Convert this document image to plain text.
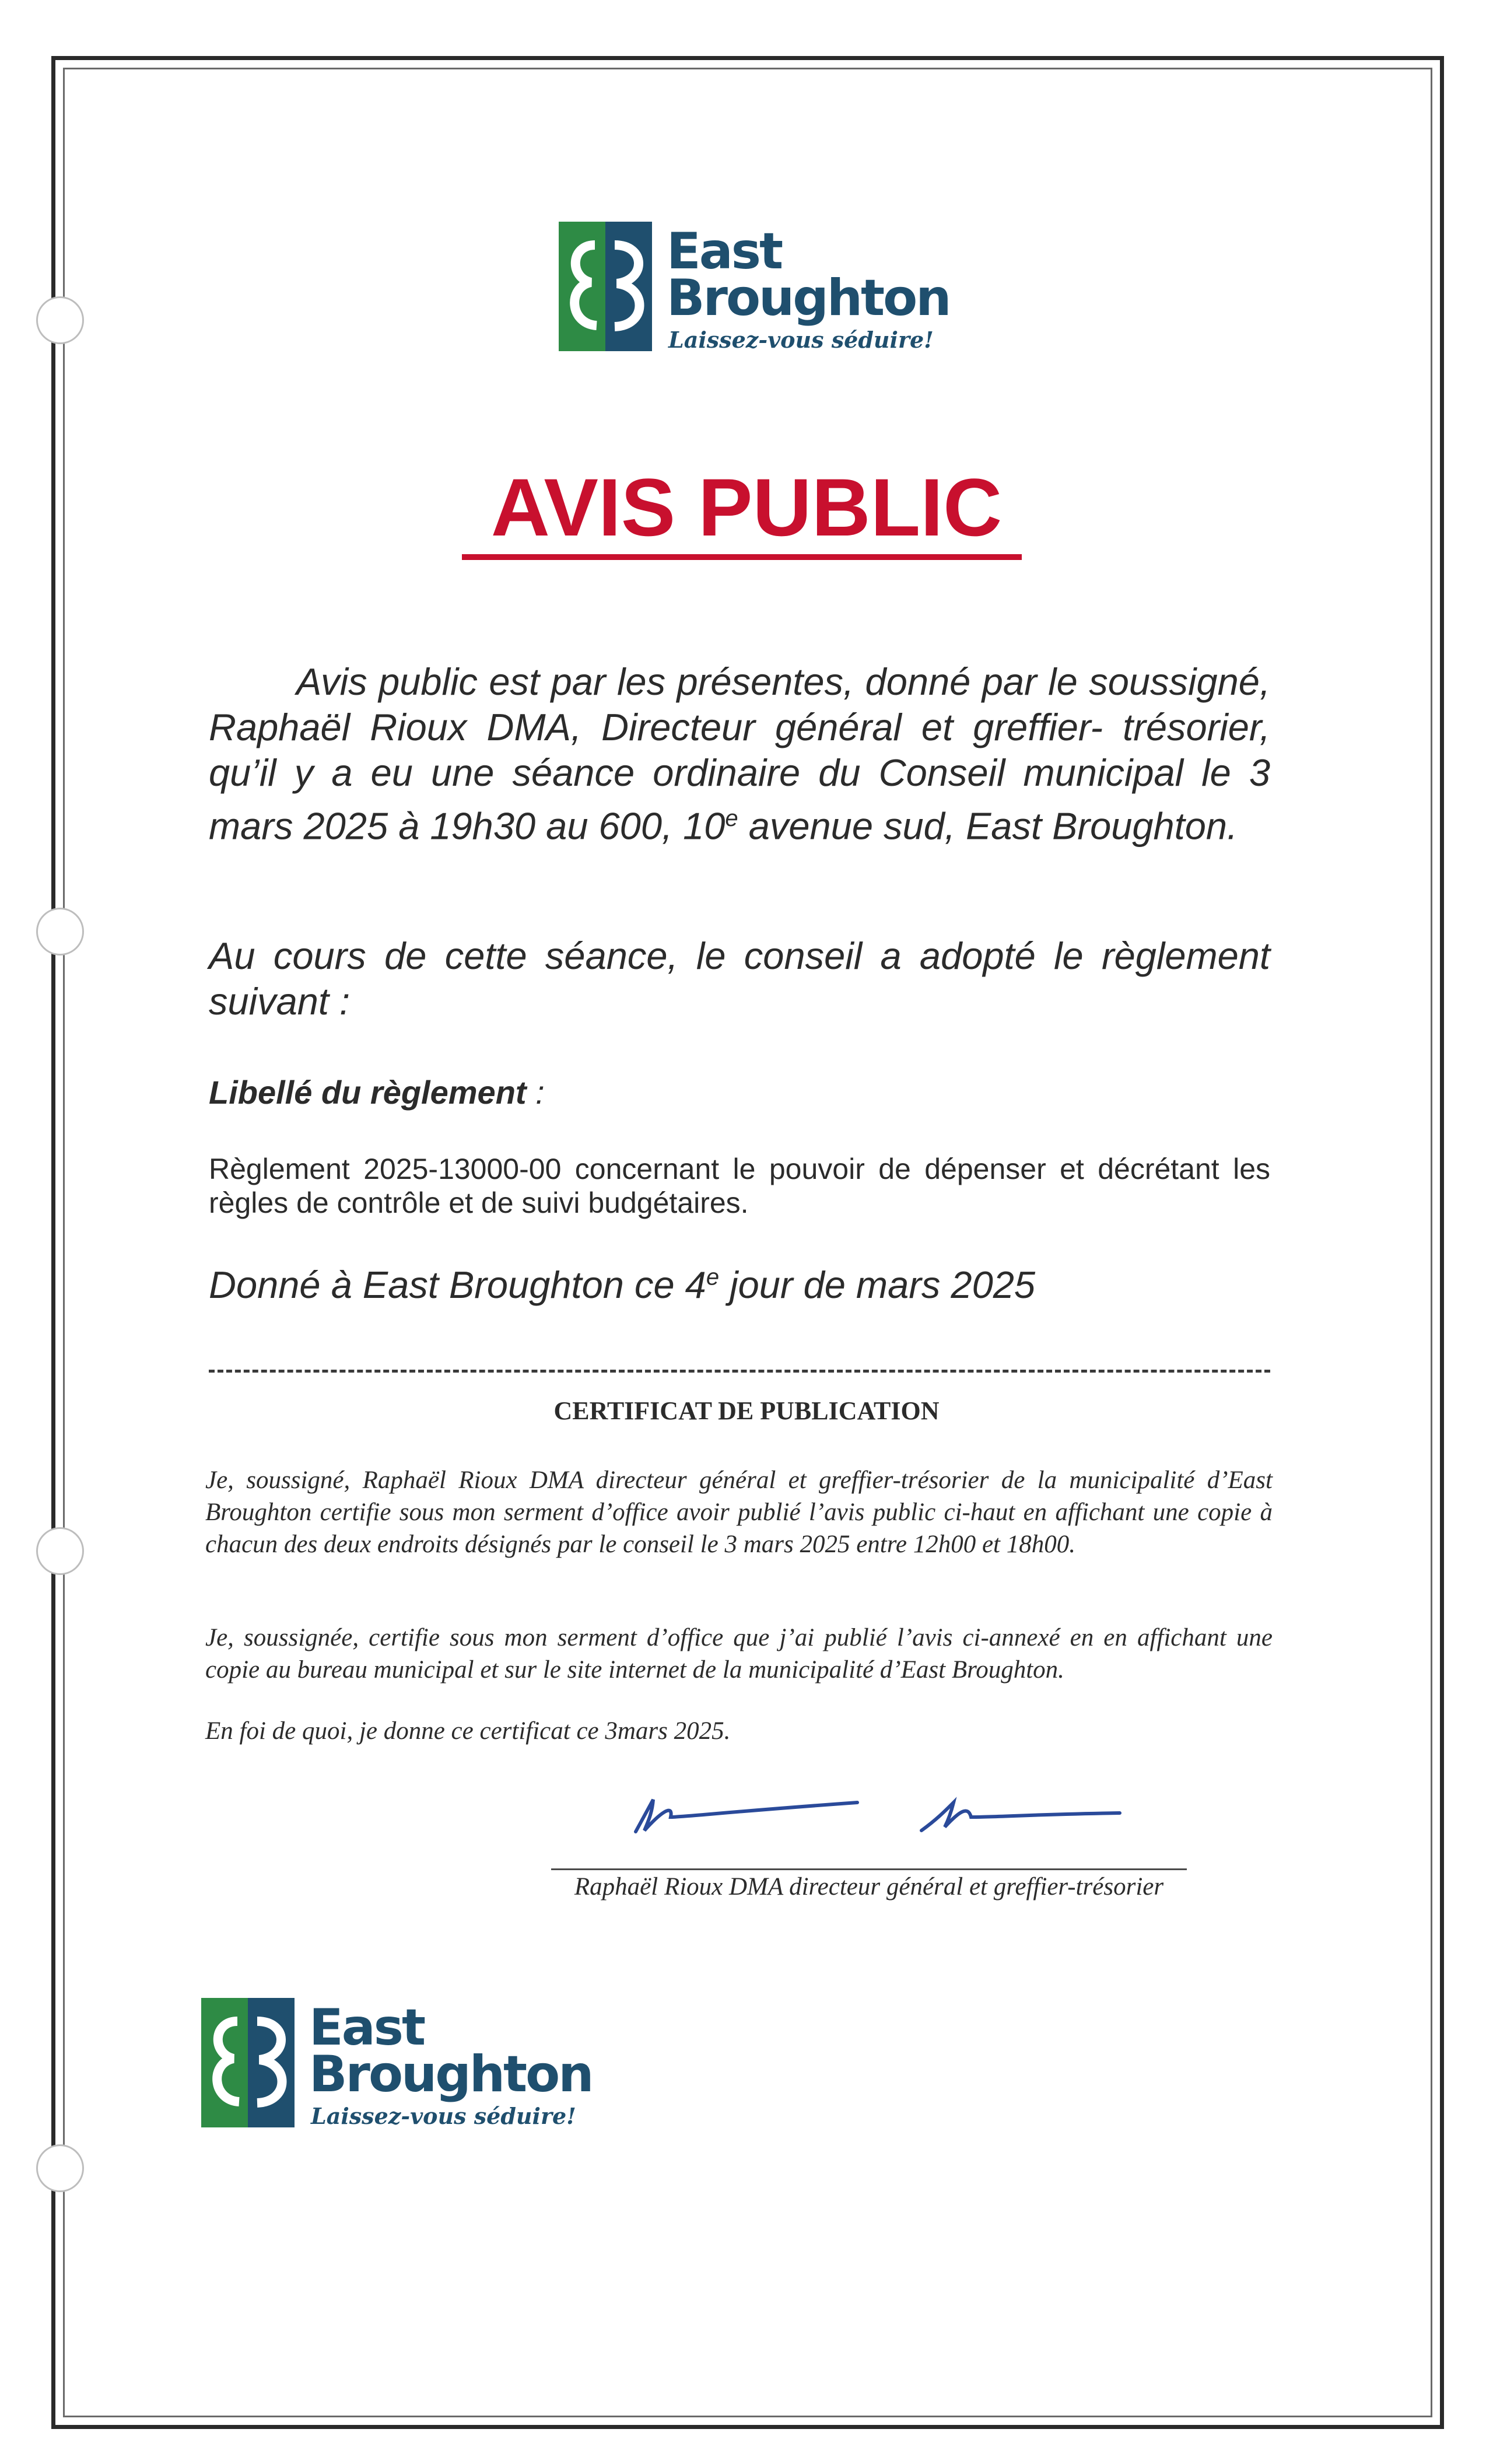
East
Broughton
Laissez-vous séduire!
AVIS PUBLIC

Avis public est par les présentes, donné par le soussigné, Raphaël Rioux DMA, Directeur général et greffier- trésorier, qu’il y a eu une séance ordinaire du Conseil municipal le 3 mars 2025 à 19h30 au 600, 10e avenue sud, East Broughton.

Au cours de cette séance, le conseil a adopté le règlement suivant :

Libellé du règlement :

Règlement 2025-13000-00 concernant le pouvoir de dépenser et décrétant les règles de contrôle et de suivi budgétaires.

Donné à East Broughton ce 4e jour de mars 2025
CERTIFICAT DE PUBLICATION

Je, soussigné, Raphaël Rioux DMA directeur général et greffier-trésorier de la municipalité d’East Broughton certifie sous mon serment d’office avoir publié l’avis public ci-haut en affichant une copie à chacun des deux endroits désignés par le conseil le 3 mars 2025 entre 12h00 et 18h00.

Je, soussignée, certifie sous mon serment d’office que j’ai publié l’avis ci-annexé en en affichant une copie au bureau municipal et sur le site internet de la municipalité d’East Broughton.

En foi de quoi, je donne ce certificat ce 3mars 2025.

Raphaël Rioux DMA directeur général et greffier-trésorier
East
Broughton
Laissez-vous séduire!
